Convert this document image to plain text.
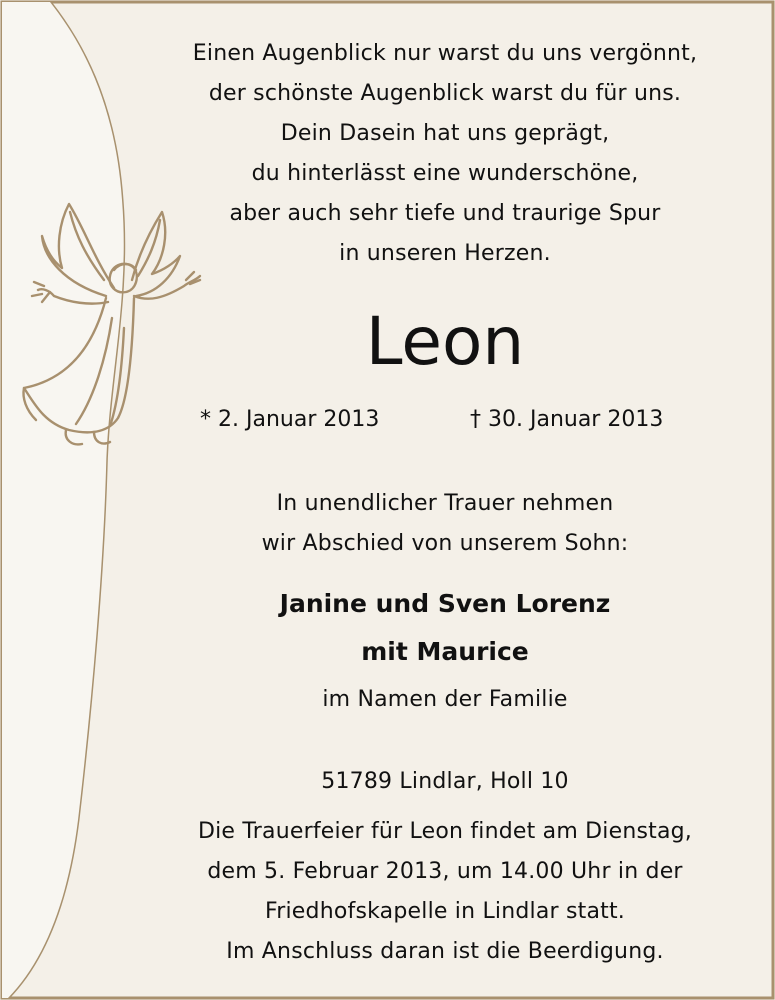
Einen Augenblick nur warst du uns vergönnt,
der schönste Augenblick warst du für uns.
Dein Dasein hat uns geprägt,
du hinterlässt eine wunderschöne,
aber auch sehr tiefe und traurige Spur
in unseren Herzen.
Leon
* 2. Januar 2013	† 30. Januar 2013
In unendlicher Trauer nehmen
wir Abschied von unserem Sohn:
Janine und Sven Lorenz
mit Maurice
im Namen der Familie
51789 Lindlar, Holl 10
Die Trauerfeier für Leon findet am Dienstag,
dem 5. Februar 2013, um 14.00 Uhr in der
Friedhofskapelle in Lindlar statt.
Im Anschluss daran ist die Beerdigung.
